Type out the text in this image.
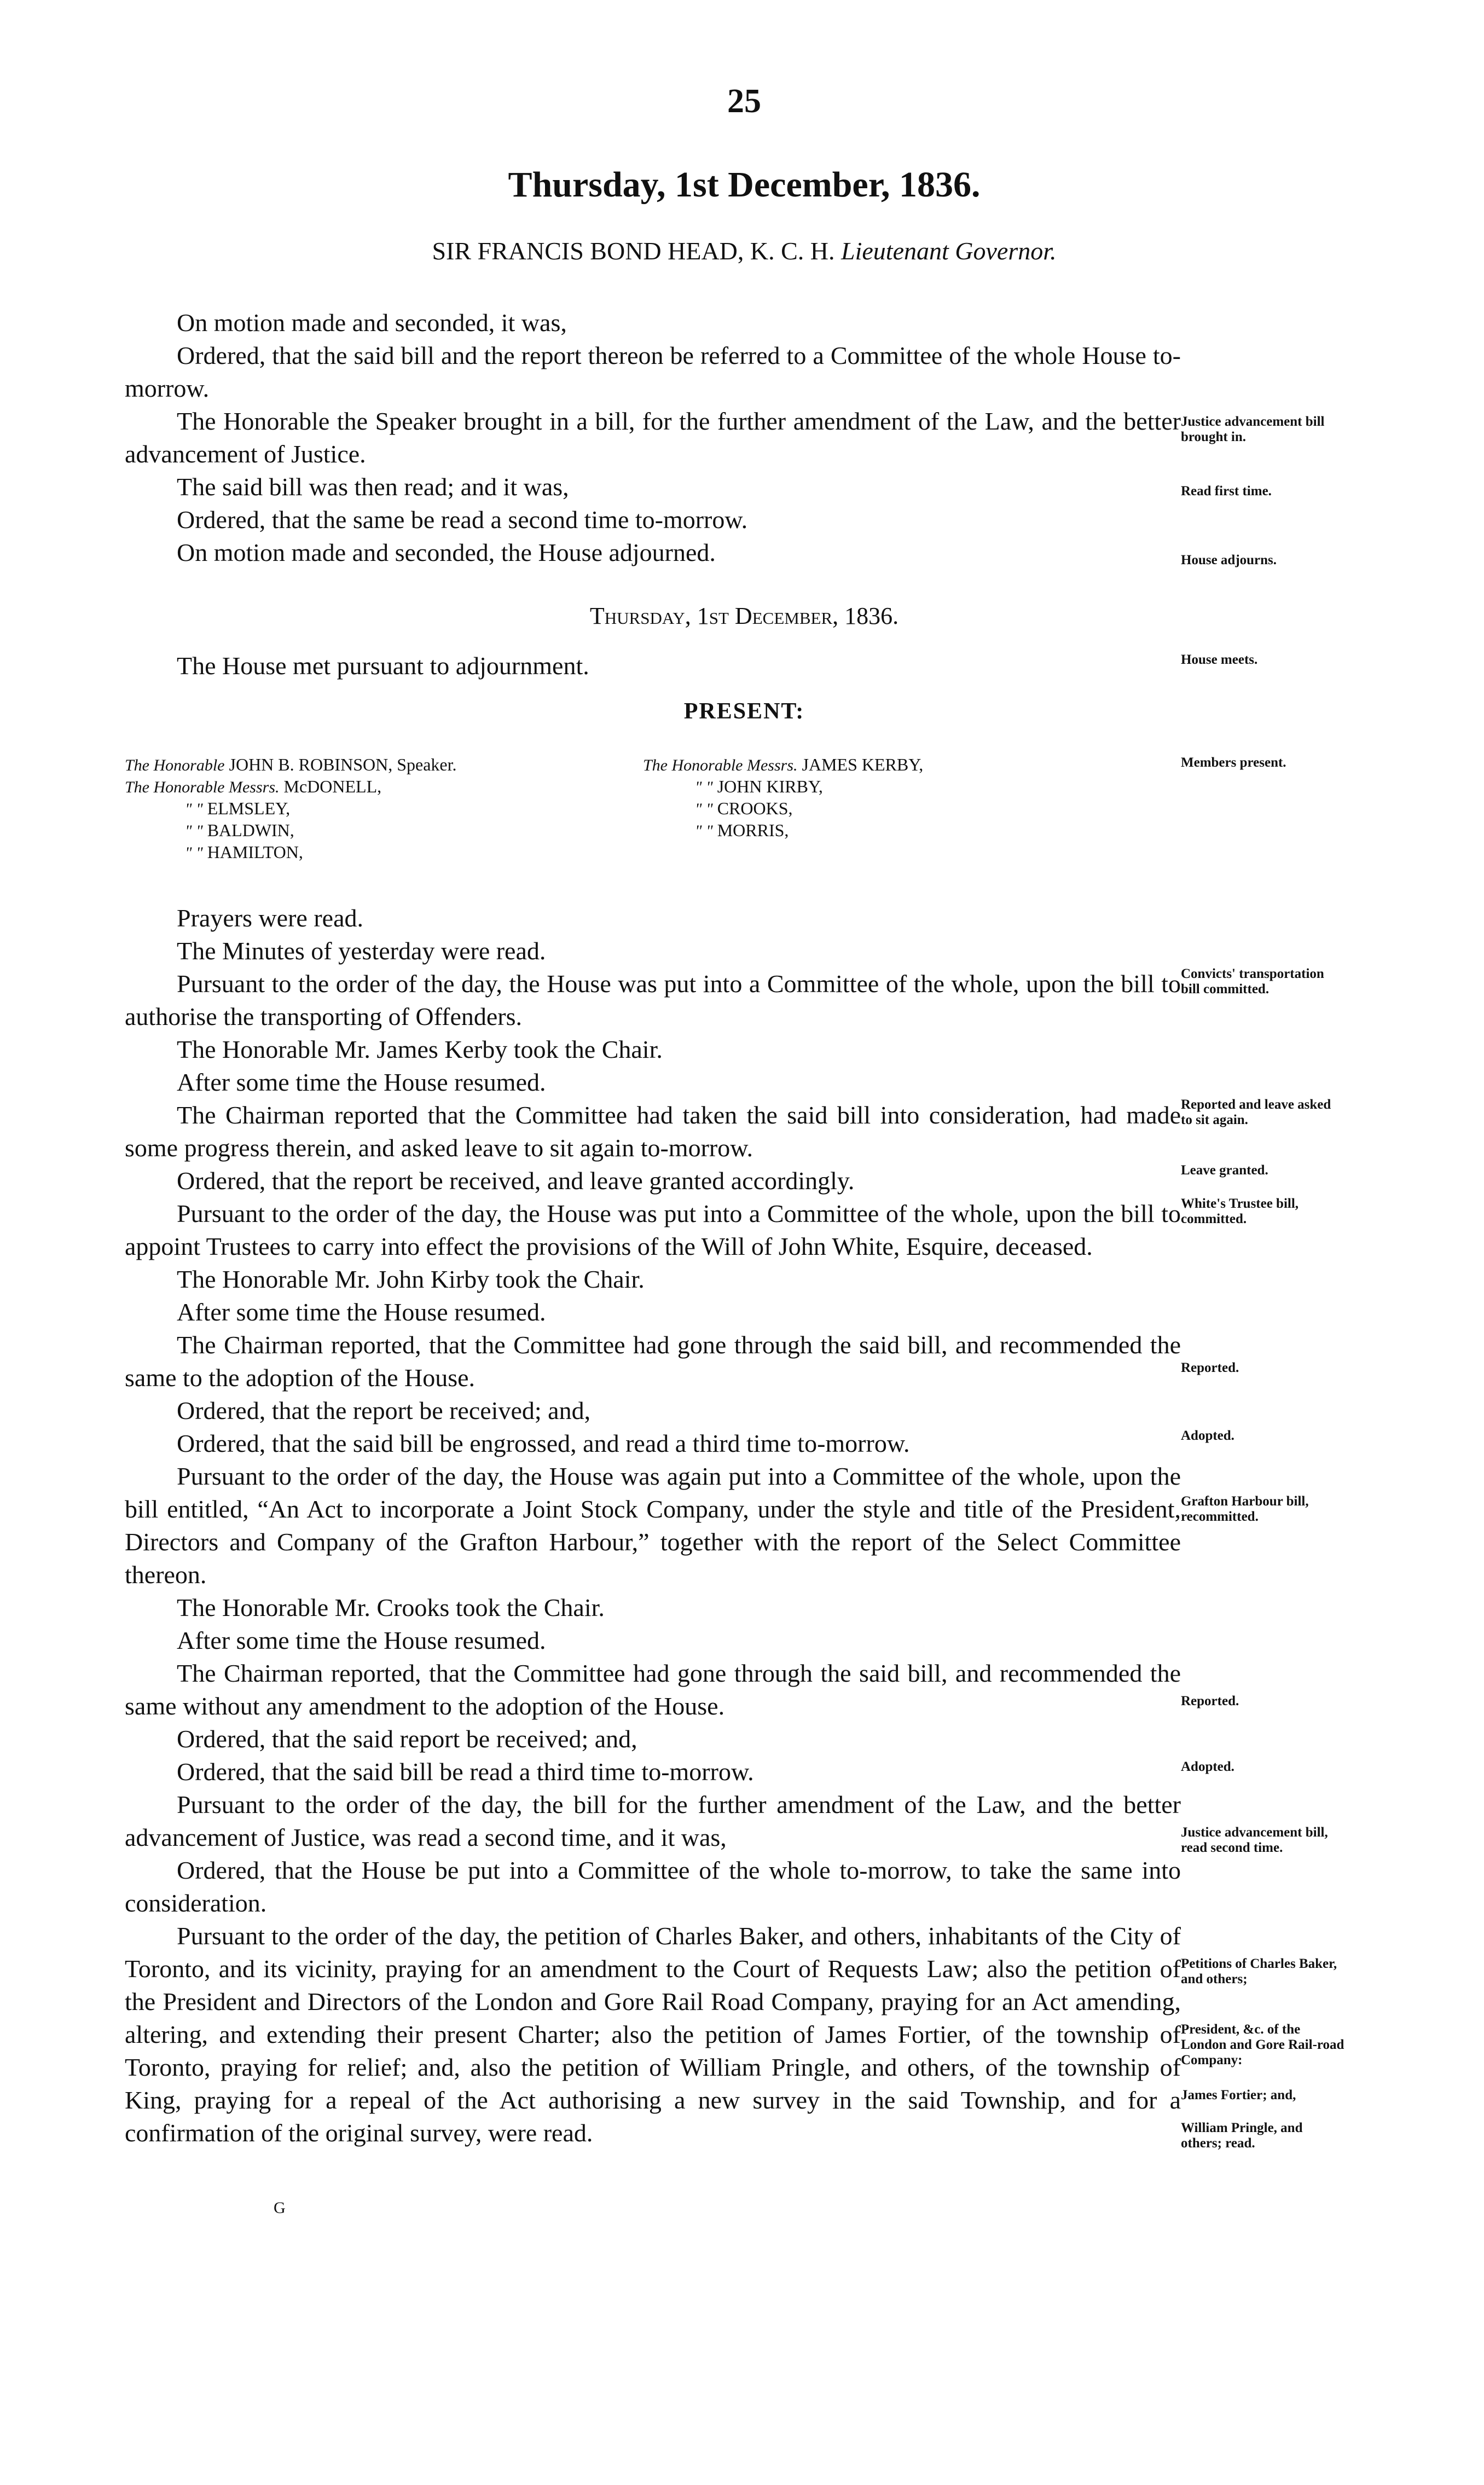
25
Thursday, 1st December, 1836.
SIR FRANCIS BOND HEAD, K. C. H. Lieutenant Governor.

On motion made and seconded, it was,

Ordered, that the said bill and the report thereon be referred to a Committee of the whole House to-morrow.

The Honorable the Speaker brought in a bill, for the further amendment of the Law, and the better advancement of Justice.

The said bill was then read; and it was,

Ordered, that the same be read a second time to-morrow.

On motion made and seconded, the House adjourned.

Thursday, 1st December, 1836.
The House met pursuant to adjournment.
PRESENT:
The Honorable JOHN B. ROBINSON, Speaker.
The Honorable Messrs. McDONELL,
" " ELMSLEY,
" " BALDWIN,
" " HAMILTON,
The Honorable Messrs. JAMES KERBY,
" " JOHN KIRBY,
" " CROOKS,
" " MORRIS,

Prayers were read.

The Minutes of yesterday were read.

Pursuant to the order of the day, the House was put into a Committee of the whole, upon the bill to authorise the transporting of Offenders.

The Honorable Mr. James Kerby took the Chair.

After some time the House resumed.

The Chairman reported that the Committee had taken the said bill into consideration, had made some progress therein, and asked leave to sit again to-morrow.

Ordered, that the report be received, and leave granted accordingly.

Pursuant to the order of the day, the House was put into a Committee of the whole, upon the bill to appoint Trustees to carry into effect the provisions of the Will of John White, Esquire, deceased.

The Honorable Mr. John Kirby took the Chair.

After some time the House resumed.

The Chairman reported, that the Committee had gone through the said bill, and recommended the same to the adoption of the House.

Ordered, that the report be received; and,

Ordered, that the said bill be engrossed, and read a third time to-morrow.

Pursuant to the order of the day, the House was again put into a Committee of the whole, upon the bill entitled, “An Act to incorporate a Joint Stock Company, under the style and title of the President, Directors and Company of the Grafton Harbour,” together with the report of the Select Committee thereon.

The Honorable Mr. Crooks took the Chair.

After some time the House resumed.

The Chairman reported, that the Committee had gone through the said bill, and recommended the same without any amendment to the adoption of the House.

Ordered, that the said report be received; and,

Ordered, that the said bill be read a third time to-morrow.

Pursuant to the order of the day, the bill for the further amendment of the Law, and the better advancement of Justice, was read a second time, and it was,

Ordered, that the House be put into a Committee of the whole to-morrow, to take the same into consideration.

Pursuant to the order of the day, the petition of Charles Baker, and others, inhabitants of the City of Toronto, and its vicinity, praying for an amendment to the Court of Requests Law; also the petition of the President and Directors of the London and Gore Rail Road Company, praying for an Act amending, altering, and extending their present Charter; also the petition of James Fortier, of the township of Toronto, praying for relief; and, also the petition of William Pringle, and others, of the township of King, praying for a repeal of the Act authorising a new survey in the said Township, and for a confirmation of the original survey, were read.

Justice advancement bill brought in.
Read first time.
House adjourns.
House meets.
Members present.
Convicts' transportation bill committed.
Reported and leave asked to sit again.
Leave granted.
White's Trustee bill, committed.
Reported.
Adopted.
Grafton Harbour bill, recommitted.
Reported.
Adopted.
Justice advancement bill, read second time.
Petitions of Charles Baker, and others;
President, &c. of the London and Gore Rail-road Company:
James Fortier; and,
William Pringle, and others; read.
G
